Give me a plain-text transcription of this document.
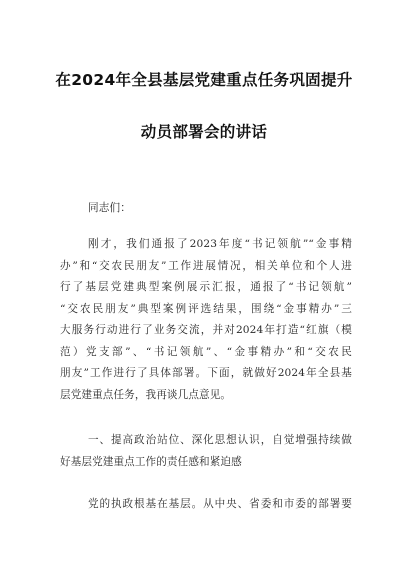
在2024年全县基层党建重点任务巩固提升
动员部署会的讲话
同志们：
刚才，我们通报了2023年度“书记领航”“金事精
办”和“交农民朋友”工作进展情况，相关单位和个人进
行了基层党建典型案例展示汇报，通报了“书记领航”
“交农民朋友”典型案例评选结果，围绕“金事精办”三
大服务行动进行了业务交流，并对2024年打造“红旗（模
范）党支部”、“书记领航”、“金事精办”和“交农民
朋友”工作进行了具体部署。下面，就做好2024年全县基
层党建重点任务，我再谈几点意见。
一、提高政治站位、深化思想认识，自觉增强持续做
好基层党建重点工作的责任感和紧迫感
党的执政根基在基层。从中央、省委和市委的部署要
